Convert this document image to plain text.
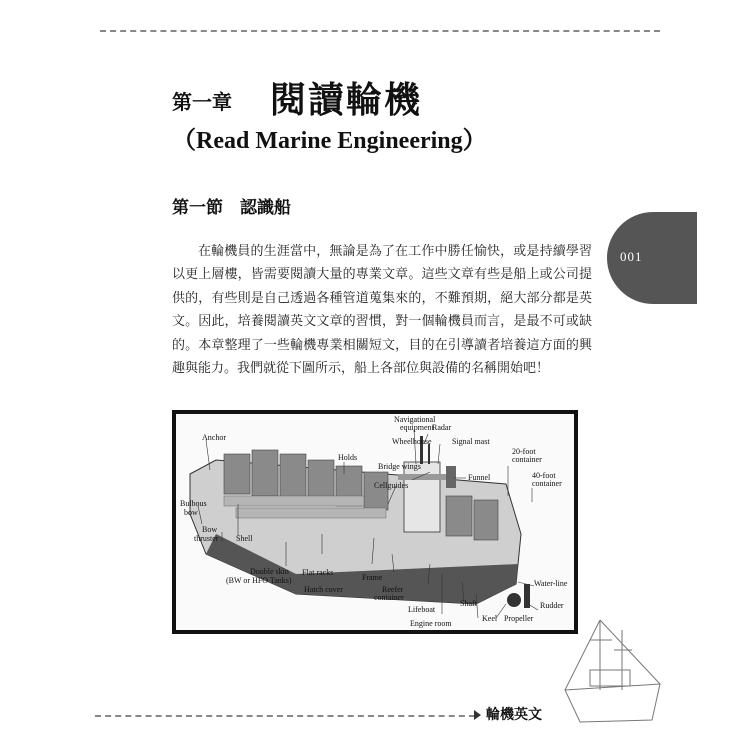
第一章 閱讀輪機
（Read Marine Engineering）
第一節　認識船
001
在輪機員的生涯當中，無論是為了在工作中勝任愉快，或是持續學習以更上層樓，皆需要閱讀大量的專業文章。這些文章有些是船上或公司提供的，有些則是自己透過各種管道蒐集來的，不難預期，絕大部分都是英文。因此，培養閱讀英文文章的習慣，對一個輪機員而言，是最不可或缺的。本章整理了一些輪機專業相關短文，目的在引導讀者培養這方面的興趣與能力。我們就從下圖所示，船上各部位與設備的名稱開始吧！
Anchor
Bulbous
bow
Bow
thruster Shell
Holds
Navigational
equipment
Radar
Wheelhouse	Signal mast
Bridge wings
Cellguides
Funnel
20-foot
container
40-foot
container
Double skin
(BW or HFO Tanks)
Flat racks
Hatch cover
Frame
Reefer
container
Lifeboat
Shaft
Keel Propeller
Water-line
Rudder
Engine room
輪機英文
